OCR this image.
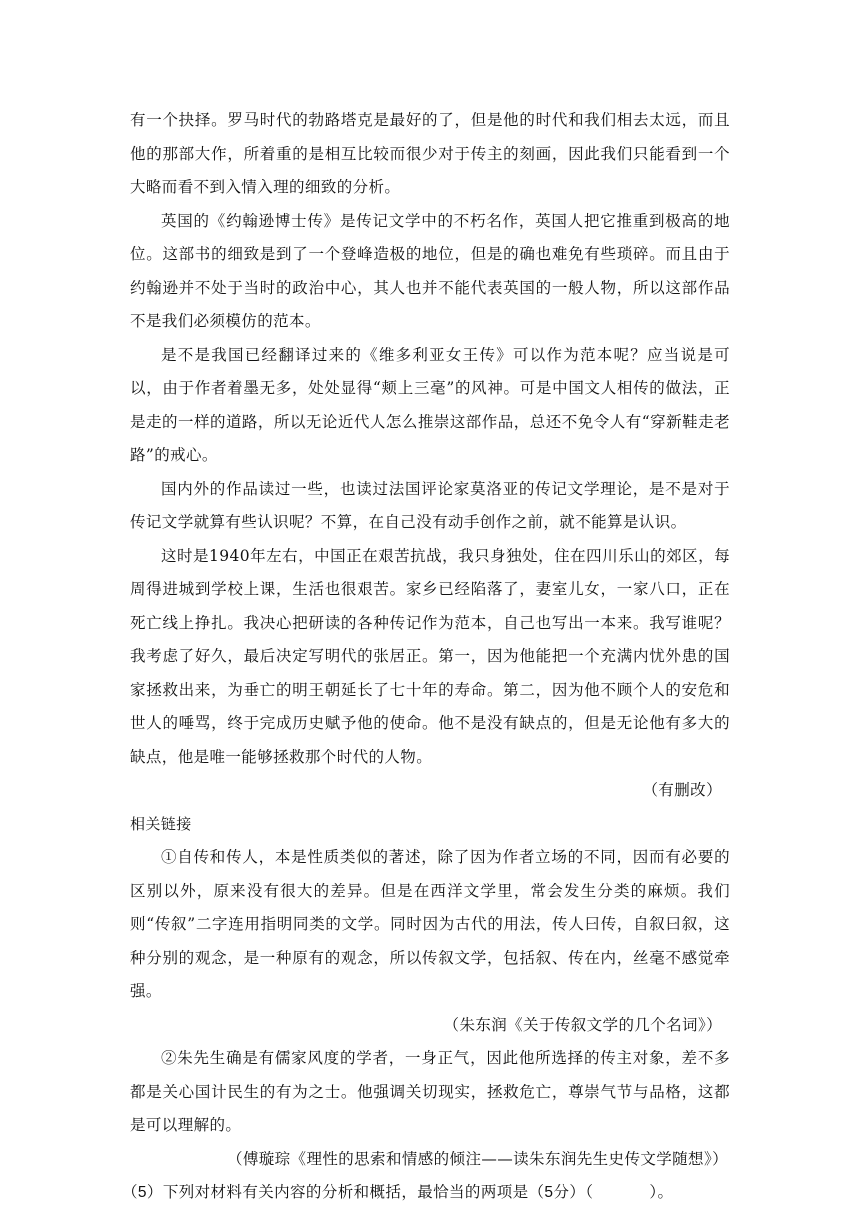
有一个抉择。罗马时代的勃路塔克是最好的了，但是他的时代和我们相去太远，而且他的那部大作，所着重的是相互比较而很少对于传主的刻画，因此我们只能看到一个大略而看不到入情入理的细致的分析。

英国的《约翰逊博士传》是传记文学中的不朽名作，英国人把它推重到极高的地位。这部书的细致是到了一个登峰造极的地位，但是的确也难免有些琐碎。而且由于约翰逊并不处于当时的政治中心，其人也并不能代表英国的一般人物，所以这部作品不是我们必须模仿的范本。

是不是我国已经翻译过来的《维多利亚女王传》可以作为范本呢？应当说是可以，由于作者着墨无多，处处显得“颊上三毫”的风神。可是中国文人相传的做法，正是走的一样的道路，所以无论近代人怎么推崇这部作品，总还不免令人有“穿新鞋走老路”的戒心。

国内外的作品读过一些，也读过法国评论家莫洛亚的传记文学理论，是不是对于传记文学就算有些认识呢？不算，在自己没有动手创作之前，就不能算是认识。

这时是1940年左右，中国正在艰苦抗战，我只身独处，住在四川乐山的郊区，每周得进城到学校上课，生活也很艰苦。家乡已经陷落了，妻室儿女，一家八口，正在死亡线上挣扎。我决心把研读的各种传记作为范本，自己也写出一本来。我写谁呢？我考虑了好久，最后决定写明代的张居正。第一，因为他能把一个充满内忧外患的国家拯救出来，为垂亡的明王朝延长了七十年的寿命。第二，因为他不顾个人的安危和世人的唾骂，终于完成历史赋予他的使命。他不是没有缺点的，但是无论他有多大的缺点，他是唯一能够拯救那个时代的人物。

（有删改）

相关链接

①自传和传人，本是性质类似的著述，除了因为作者立场的不同，因而有必要的区别以外，原来没有很大的差异。但是在西洋文学里，常会发生分类的麻烦。我们则“传叙”二字连用指明同类的文学。同时因为古代的用法，传人曰传，自叙曰叙，这种分别的观念，是一种原有的观念，所以传叙文学，包括叙、传在内，丝毫不感觉牵强。

（朱东润《关于传叙文学的几个名词》）

②朱先生确是有儒家风度的学者，一身正气，因此他所选择的传主对象，差不多都是关心国计民生的有为之士。他强调关切现实，拯救危亡，尊崇气节与品格，这都是可以理解的。

（傅璇琮《理性的思索和情感的倾注——读朱东润先生史传文学随想》）

（5）下列对材料有关内容的分析和概括，最恰当的两项是（5分）（	）。
